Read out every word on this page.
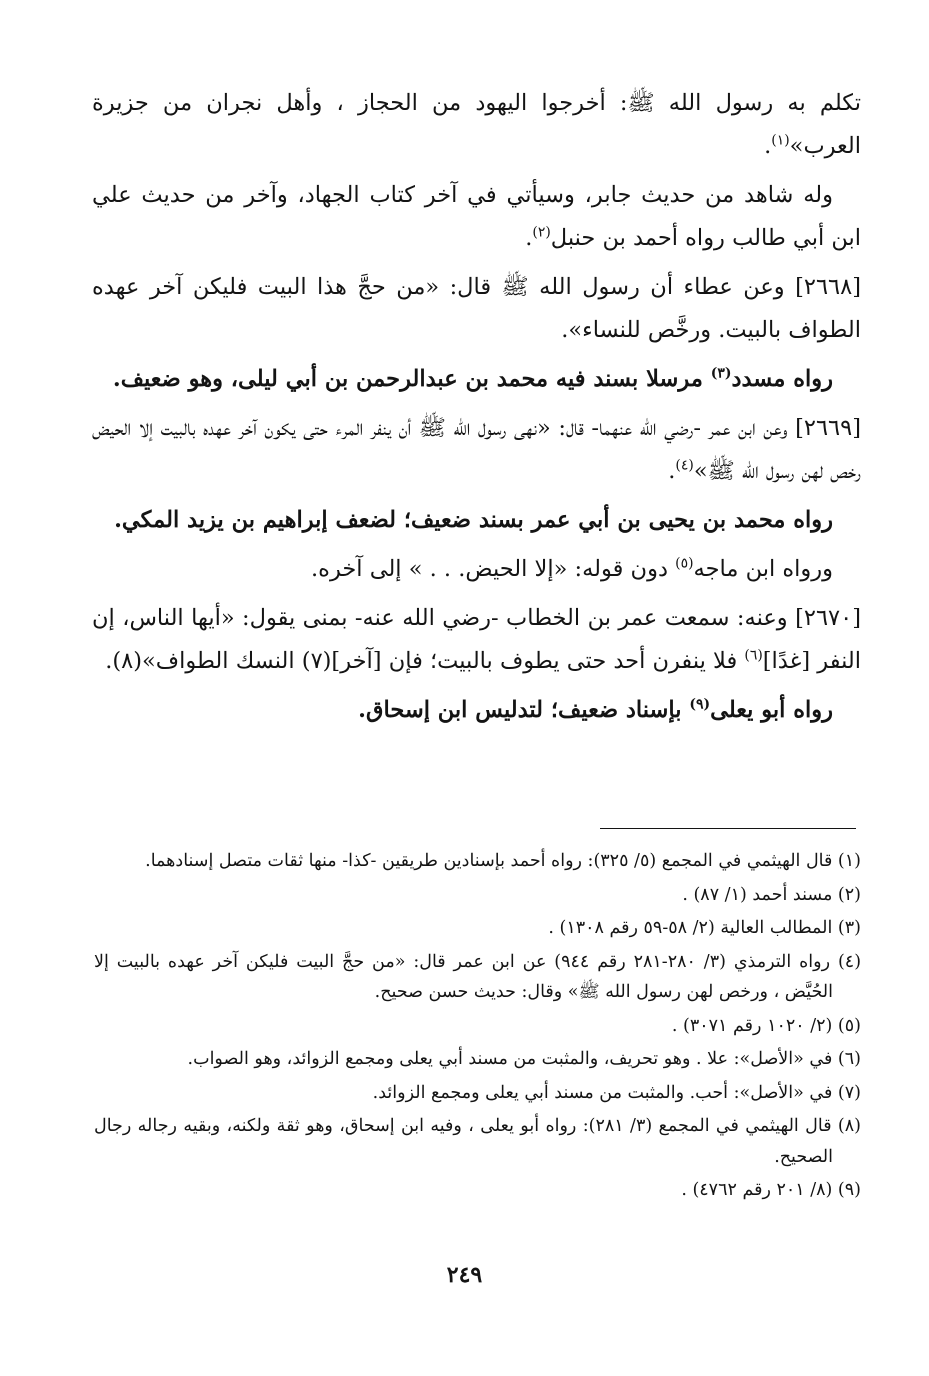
تكلم به رسول الله ﷺ: أخرجوا اليهود من الحجاز ، وأهل نجران من جزيرة العرب»$^{(١)}$.

وله شاهد من حديث جابر، وسيأتي في آخر كتاب الجهاد، وآخر من حديث علي ابن أبي طالب رواه أحمد بن حنبل$^{(٢)}$.

[٢٦٦٨] وعن عطاء أن رسول الله ﷺ قال: «من حجَّ هذا البيت فليكن آخر عهده الطواف بالبيت. ورخَّص للنساء».

رواه مسدد$^{(٣)}$ مرسلا بسند فيه محمد بن عبدالرحمن بن أبي ليلى، وهو ضعيف.

[٢٦٦٩] وعن ابن عمر -رضي الله عنهما- قال: «نهى رسول الله ﷺ أن ينفر المرء حتى يكون آخر عهده بالبيت إلا الحيض رخص لهن رسول الله ﷺ»$^{(٤)}$.

رواه محمد بن يحيى بن أبي عمر بسند ضعيف؛ لضعف إبراهيم بن يزيد المكي.

ورواه ابن ماجه$^{(٥)}$ دون قوله: «إلا الحيض. . . » إلى آخره.

[٢٦٧٠] وعنه: سمعت عمر بن الخطاب -رضي الله عنه- بمنى يقول: «أيها الناس، إن النفر [غدًا]$^{(٦)}$ فلا ينفرن أحد حتى يطوف بالبيت؛ فإن [آخر](٧) النسك الطواف»(٨).

رواه أبو يعلى$^{(٩)}$ بإسناد ضعيف؛ لتدليس ابن إسحاق.

(١) قال الهيثمي في المجمع (٥/ ٣٢٥): رواه أحمد بإسنادين طريقين -كذا- منها ثقات متصل إسنادهما.
(٢) مسند أحمد (١/ ٨٧) .
(٣) المطالب العالية (٢/ ٥٨-٥٩ رقم ١٣٠٨) .
(٤) رواه الترمذي (٣/ ٢٨٠-٢٨١ رقم ٩٤٤) عن ابن عمر قال: «من حجَّ البيت فليكن آخر عهده بالبيت إلا الحُيَّض ، ورخص لهن رسول الله ﷺ» وقال: حديث حسن صحيح.
(٥) (٢/ ١٠٢٠ رقم ٣٠٧١) .
(٦) في «الأصل»: علا . وهو تحريف، والمثبت من مسند أبي يعلى ومجمع الزوائد، وهو الصواب.
(٧) في «الأصل»: أحب. والمثبت من مسند أبي يعلى ومجمع الزوائد.
(٨) قال الهيثمي في المجمع (٣/ ٢٨١): رواه أبو يعلى ، وفيه ابن إسحاق، وهو ثقة ولكنه، وبقيه رجاله رجال الصحيح.
(٩) (٨/ ٢٠١ رقم ٤٧٦٢) .
٢٤٩
